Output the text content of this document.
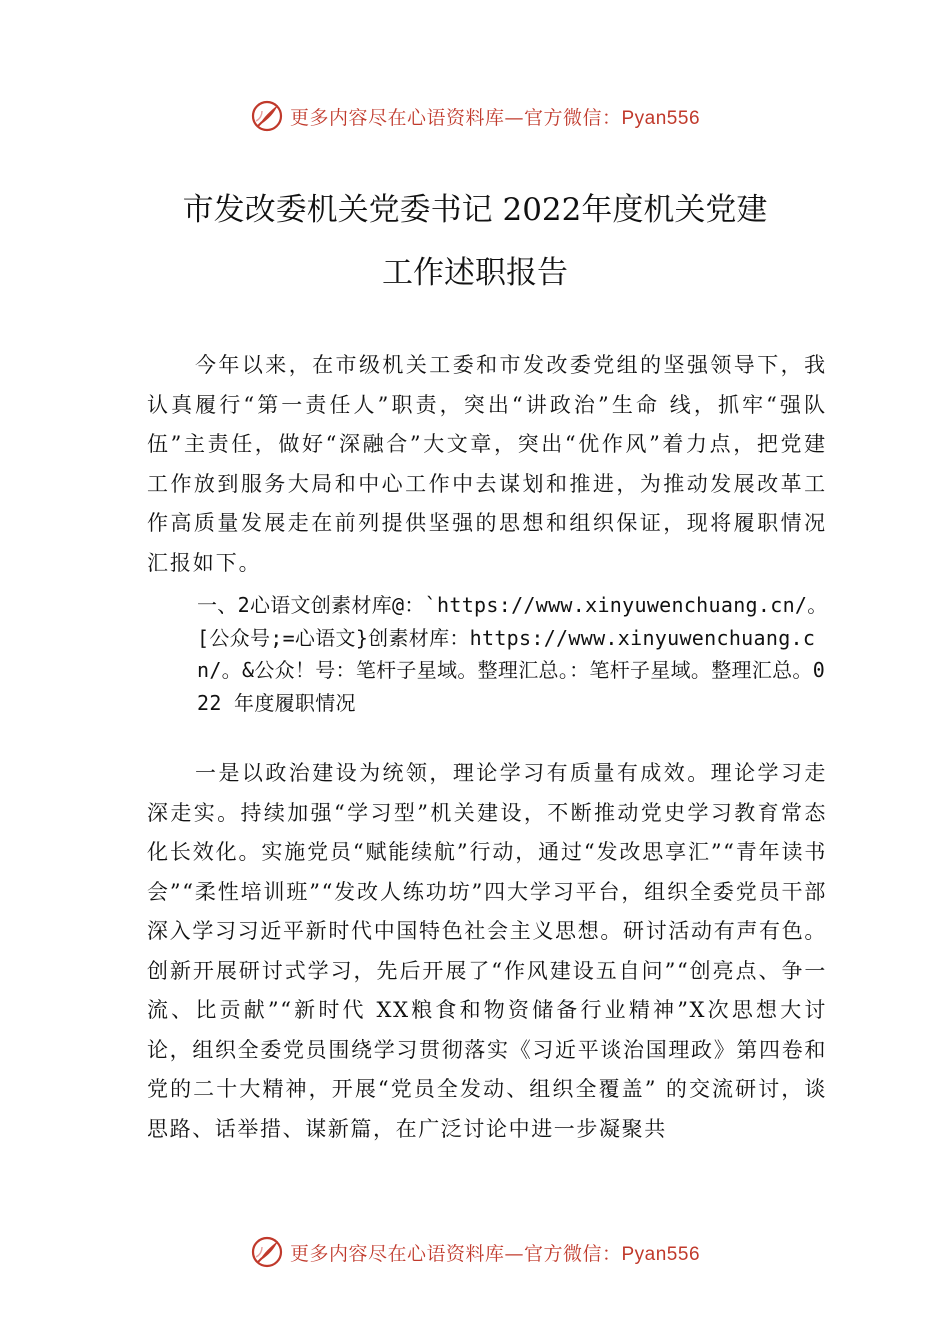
更多内容尽在心语资料库—官方微信：Pyan556
市发改委机关党委书记 2022年度机关党建
工作述职报告
今年以来，在市级机关工委和市发改委党组的坚强领导下，我认真履行“第一责任人”职责，突出“讲政治”生命 线，抓牢“强队伍”主责任，做好“深融合”大文章，突出“优作风”着力点，把党建工作放到服务大局和中心工作中去谋划和推进，为推动发展改革工作高质量发展走在前列提供坚强的思想和组织保证，现将履职情况汇报如下。
一、2心语文创素材库@：`https://www.xinyuwenchuang.cn/。[公众号;=心语文}创素材库：https://www.xinyuwenchuang.cn/。&公众！号：笔杆子星域。整理汇总。：笔杆子星域。整理汇总。022 年度履职情况
一是以政治建设为统领，理论学习有质量有成效。理论学习走深走实。持续加强“学习型”机关建设，不断推动党史学习教育常态化长效化。实施党员“赋能续航”行动，通过“发改思享汇”“青年读书会”“柔性培训班”“发改人练功坊”四大学习平台，组织全委党员干部深入学习习近平新时代中国特色社会主义思想。研讨活动有声有色。创新开展研讨式学习，先后开展了“作风建设五自问”“创亮点、争一流、比贡献”“新时代 XX粮食和物资储备行业精神”X次思想大讨论，组织全委党员围绕学习贯彻落实《习近平谈治国理政》第四卷和党的二十大精神，开展“党员全发动、组织全覆盖” 的交流研讨，谈思路、话举措、谋新篇，在广泛讨论中进一步凝聚共
更多内容尽在心语资料库—官方微信：Pyan556
